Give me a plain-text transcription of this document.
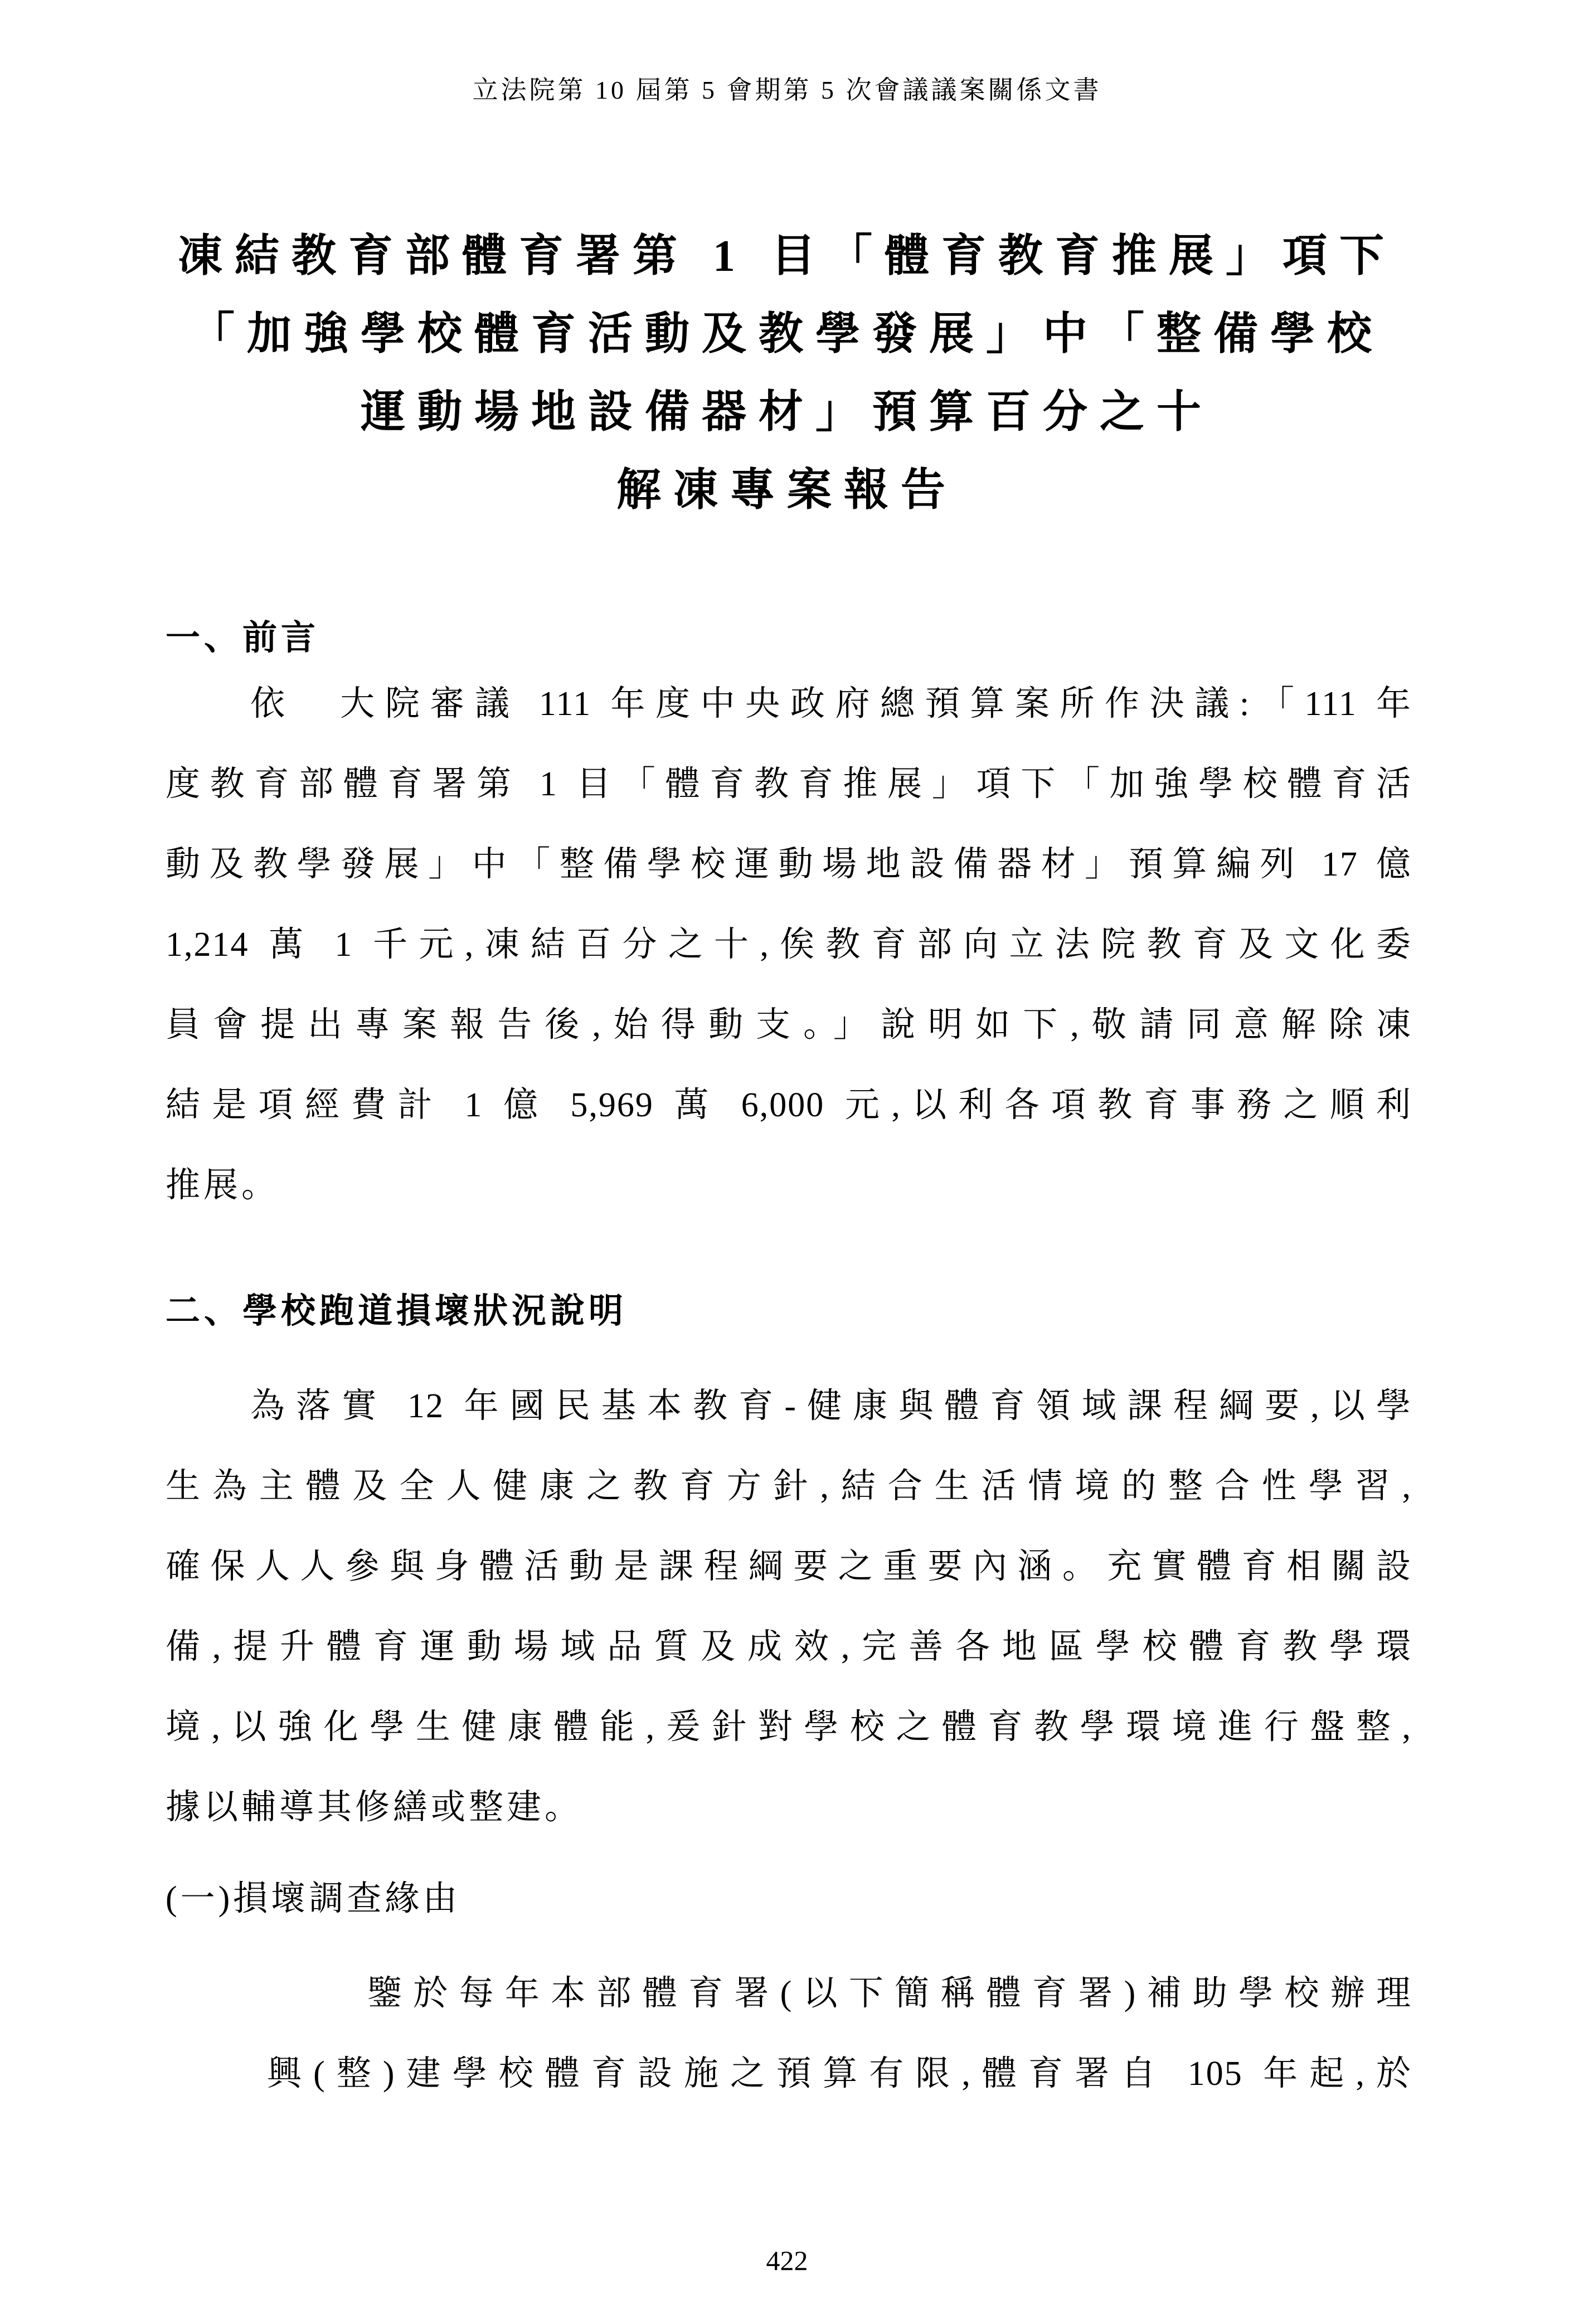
立法院第 10 屆第 5 會期第 5 次會議議案關係文書
凍結教育部體育署第 1 目「體育教育推展」項下
「加強學校體育活動及教學發展」中「整備學校
運動場地設備器材」預算百分之十
解凍專案報告
一、前言
依　大院審議 111 年度中央政府總預算案所作決議:「111 年
度教育部體育署第 1 目「體育教育推展」項下「加強學校體育活
動及教學發展」中「整備學校運動場地設備器材」預算編列 17 億
1,214 萬 1 千元,凍結百分之十,俟教育部向立法院教育及文化委
員會提出專案報告後,始得動支。」說明如下,敬請同意解除凍
結是項經費計 1 億 5,969 萬 6,000 元,以利各項教育事務之順利
推展。
二、學校跑道損壞狀況說明
為落實 12 年國民基本教育-健康與體育領域課程綱要,以學
生為主體及全人健康之教育方針,結合生活情境的整合性學習,
確保人人參與身體活動是課程綱要之重要內涵。充實體育相關設
備,提升體育運動場域品質及成效,完善各地區學校體育教學環
境,以強化學生健康體能,爰針對學校之體育教學環境進行盤整,
據以輔導其修繕或整建。
(一)損壞調查緣由
鑒於每年本部體育署(以下簡稱體育署)補助學校辦理
興(整)建學校體育設施之預算有限,體育署自 105 年起,於
422
